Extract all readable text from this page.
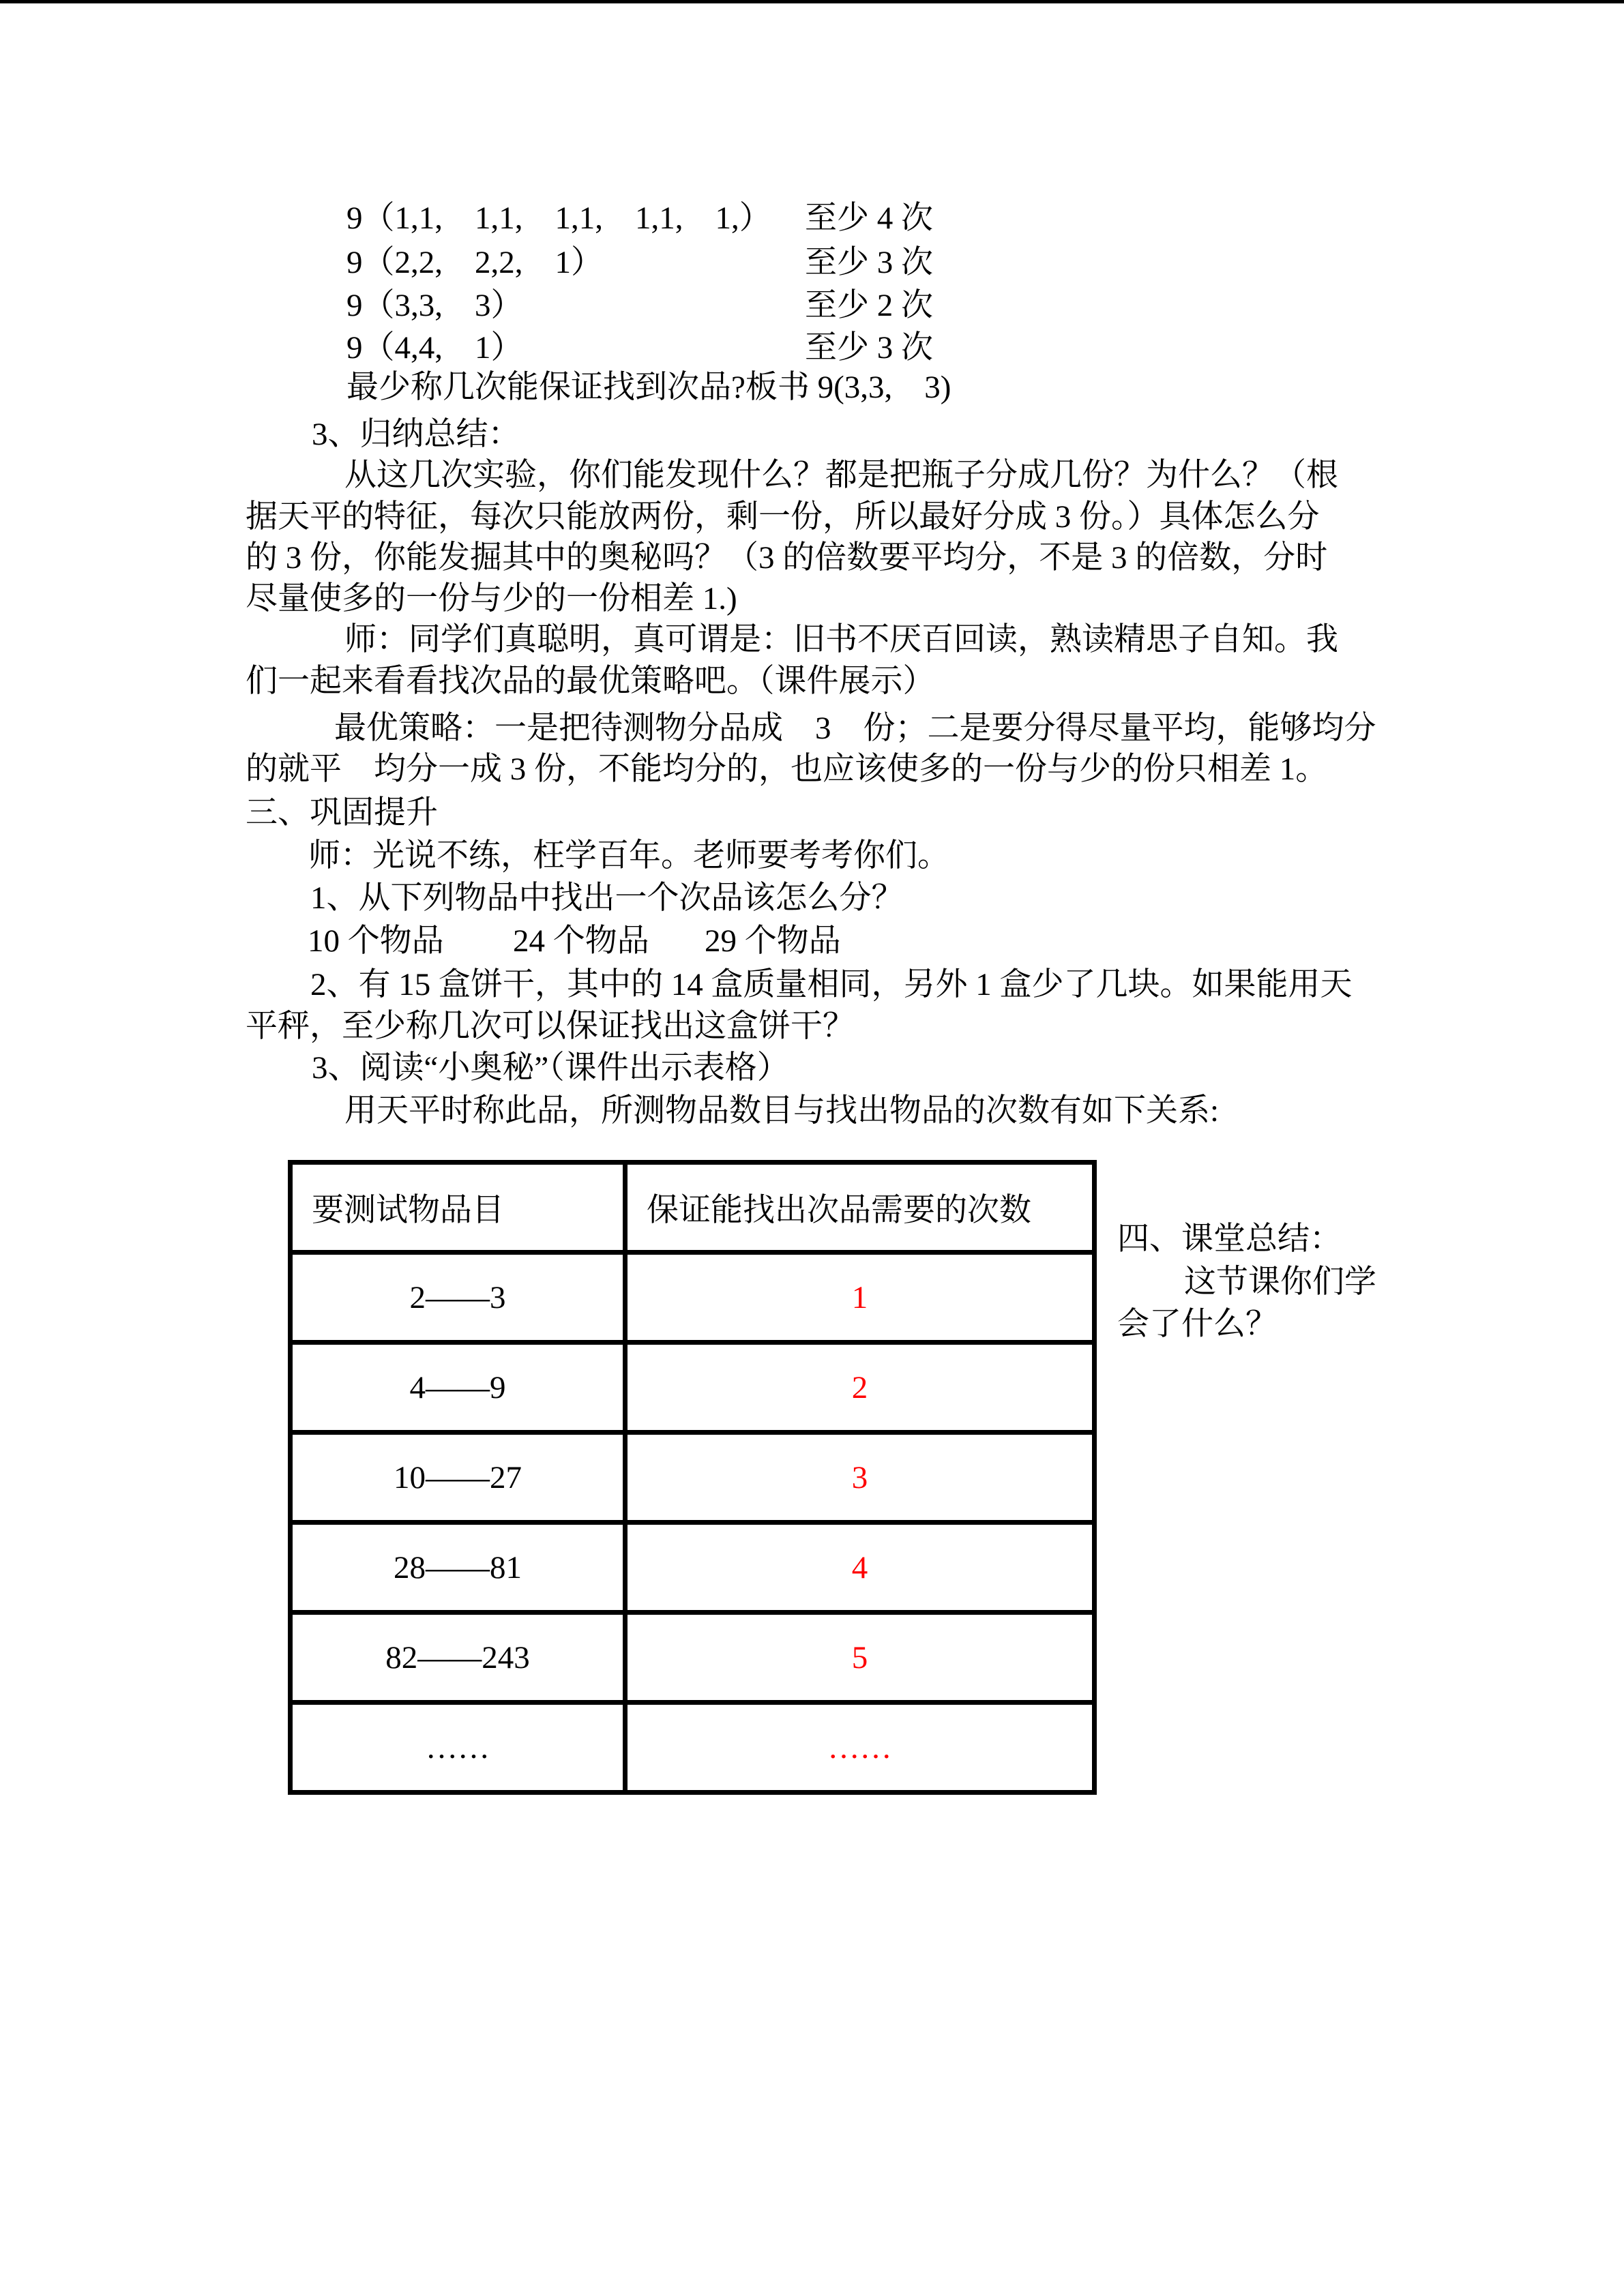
9（1,1,　1,1,　1,1,　1,1,　1,） 至少 4 次
9（2,2,　2,2,　1）	至少 3 次
9（3,3,　3）	至少 2 次
9（4,4,　1）	至少 3 次
最少称几次能保证找到次品?板书 9(3,3,　3)
3、归纳总结：
从这几次实验，你们能发现什么？都是把瓶子分成几份？为什么？（根
据天平的特征，每次只能放两份，剩一份，所以最好分成 3 份。）具体怎么分
的 3 份，你能发掘其中的奥秘吗？（3 的倍数要平均分，不是 3 的倍数，分时
尽量使多的一份与少的一份相差 1.)
师：同学们真聪明，真可谓是：旧书不厌百回读，熟读精思子自知。我
们一起来看看找次品的最优策略吧。（课件展示）
最优策略：一是把待测物分品成　3　份；二是要分得尽量平均，能够均分
的就平　均分一成 3 份，不能均分的，也应该使多的一份与少的份只相差 1。
三、巩固提升
师：光说不练，枉学百年。老师要考考你们。
1、从下列物品中找出一个次品该怎么分？
10 个物品 24 个物品 29 个物品
2、有 15 盒饼干，其中的 14 盒质量相同，另外 1 盒少了几块。如果能用天
平秤，至少称几次可以保证找出这盒饼干？
3、阅读“小奥秘”（课件出示表格）
用天平时称此品，所测物品数目与找出物品的次数有如下关系:
要测试物品目	保证能找出次品需要的次数
2——3	1
4——9	2
10——27	3
28——81	4
82——243	5
……	……
四、课堂总结：
这节课你们学
会了什么？
